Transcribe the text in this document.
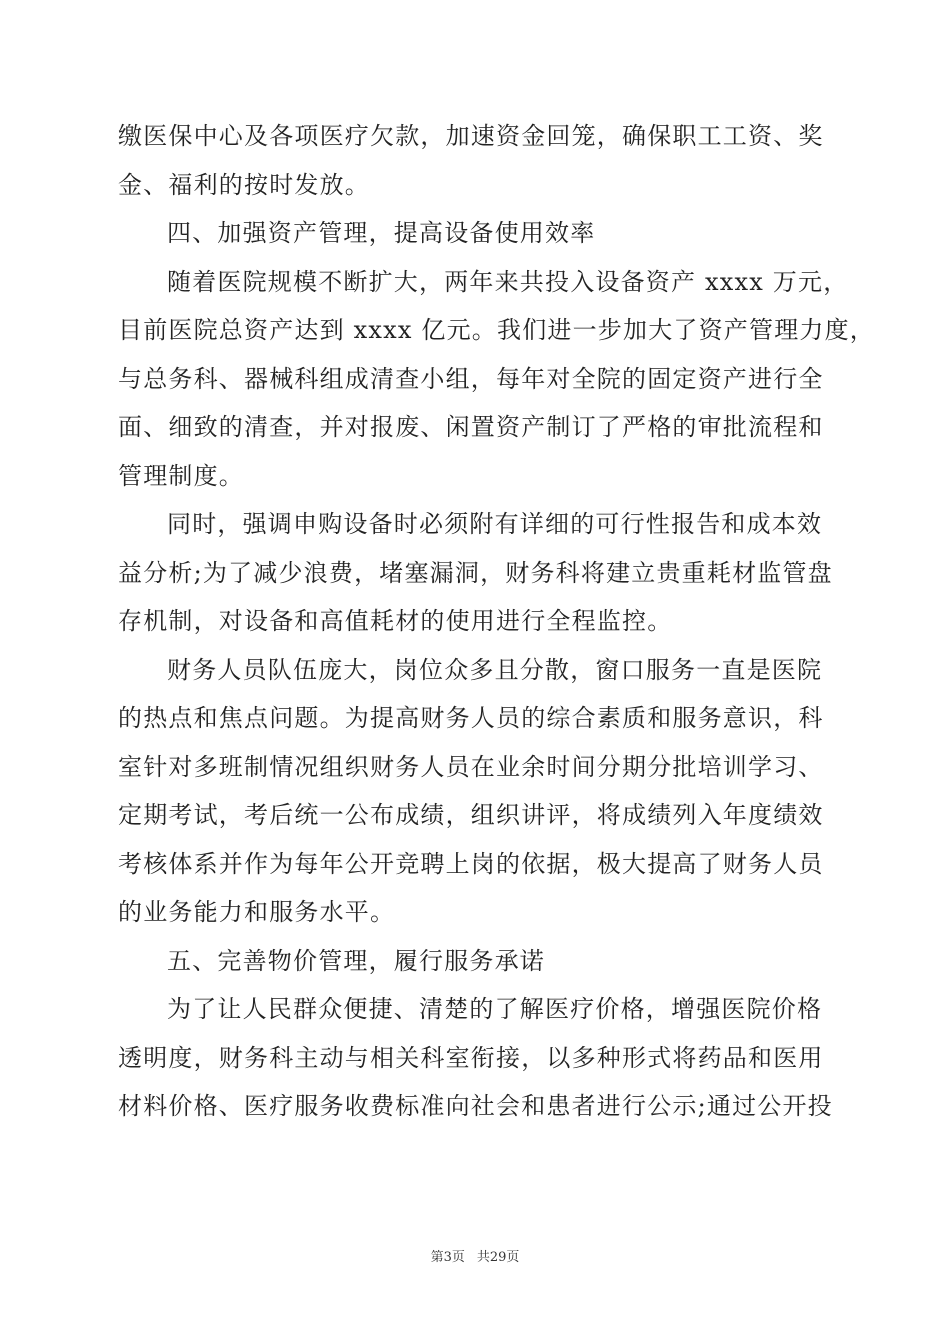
缴医保中心及各项医疗欠款，加速资金回笼，确保职工工资、奖
金、福利的按时发放。
四、加强资产管理，提高设备使用效率
随着医院规模不断扩大，两年来共投入设备资产 xxxx 万元，
目前医院总资产达到 xxxx 亿元。我们进一步加大了资产管理力度，
与总务科、器械科组成清查小组，每年对全院的固定资产进行全
面、细致的清查，并对报废、闲置资产制订了严格的审批流程和
管理制度。
同时，强调申购设备时必须附有详细的可行性报告和成本效
益分析;为了减少浪费，堵塞漏洞，财务科将建立贵重耗材监管盘
存机制，对设备和高值耗材的使用进行全程监控。
财务人员队伍庞大，岗位众多且分散，窗口服务一直是医院
的热点和焦点问题。为提高财务人员的综合素质和服务意识，科
室针对多班制情况组织财务人员在业余时间分期分批培训学习、
定期考试，考后统一公布成绩，组织讲评，将成绩列入年度绩效
考核体系并作为每年公开竞聘上岗的依据，极大提高了财务人员
的业务能力和服务水平。
五、完善物价管理，履行服务承诺
为了让人民群众便捷、清楚的了解医疗价格，增强医院价格
透明度，财务科主动与相关科室衔接，以多种形式将药品和医用
材料价格、医疗服务收费标准向社会和患者进行公示;通过公开投
第3页 共29页
